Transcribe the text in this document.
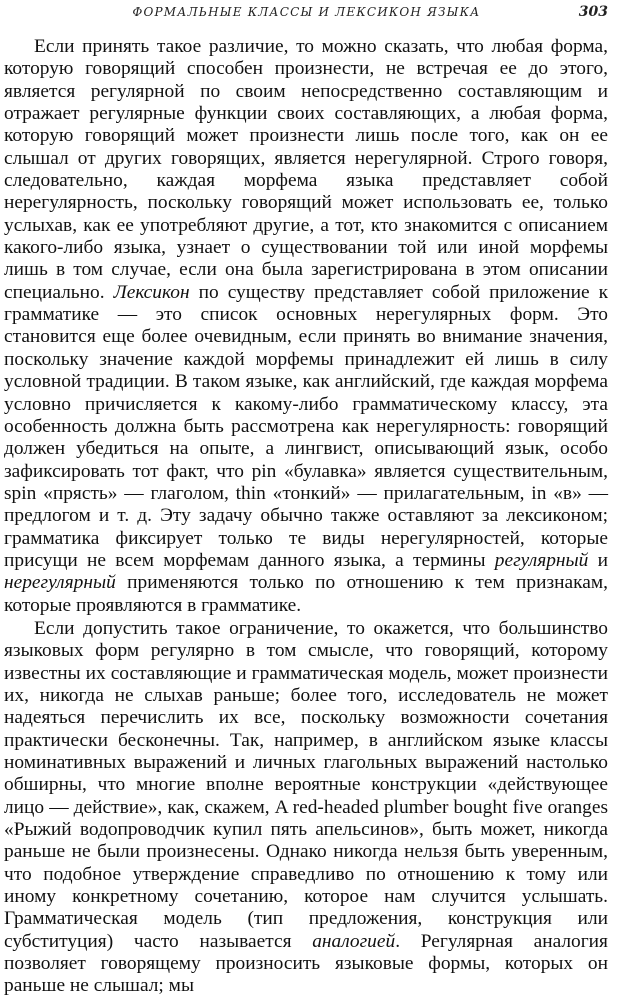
ФОРМАЛЬНЫЕ КЛАССЫ И ЛЕКСИКОН ЯЗЫКА	303

Если принять такое различие, то можно сказать, что любая форма, которую говорящий способен произнести, не встречая ее до этого, является регулярной по своим непосредственно составляющим и отражает регулярные функции своих составляющих, а любая форма, которую говорящий может произнести лишь после того, как он ее слышал от других говорящих, является нерегулярной. Строго говоря, следовательно, каждая морфема языка представляет собой нерегулярность, поскольку говорящий может использовать ее, только услыхав, как ее употребляют другие, а тот, кто знакомится с описанием какого-либо языка, узнает о существовании той или иной морфемы лишь в том случае, если она была зарегистрирована в этом описании специально. Лексикон по существу представляет собой приложение к грамматике — это список основных нерегулярных форм. Это становится еще более очевидным, если принять во внимание значения, поскольку значение каждой морфемы принадлежит ей лишь в силу условной традиции. В таком языке, как английский, где каждая морфема условно причисляется к какому-либо грамматическому классу, эта особенность должна быть рассмотрена как нерегулярность: говорящий должен убедиться на опыте, а лингвист, описывающий язык, особо зафиксировать тот факт, что pin «булавка» является существительным, spin «прясть» — глаголом, thin «тонкий» — прилагательным, in «в» — предлогом и т. д. Эту задачу обычно также оставляют за лексиконом; грамматика фиксирует только те виды нерегулярностей, которые присущи не всем морфемам данного языка, а термины регулярный и нерегулярный применяются только по отношению к тем признакам, которые проявляются в грамматике.

Если допустить такое ограничение, то окажется, что большинство языковых форм регулярно в том смысле, что говорящий, которому известны их составляющие и грамматическая модель, может произнести их, никогда не слыхав раньше; более того, исследователь не может надеяться перечислить их все, поскольку возможности сочетания практически бесконечны. Так, например, в английском языке классы номинативных выражений и личных глагольных выражений настолько обширны, что многие вполне вероятные конструкции «действующее лицо — действие», как, скажем, A red-headed plumber bought five oranges «Рыжий водопроводчик купил пять апельсинов», быть может, никогда раньше не были произнесены. Однако никогда нельзя быть уверенным, что подобное утверждение справедливо по отношению к тому или иному конкретному сочетанию, которое нам случится услышать. Грамматическая модель (тип предложения, конструкция или субституция) часто называется аналогией. Регулярная аналогия позволяет говорящему произносить языковые формы, которых он раньше не слышал; мы
